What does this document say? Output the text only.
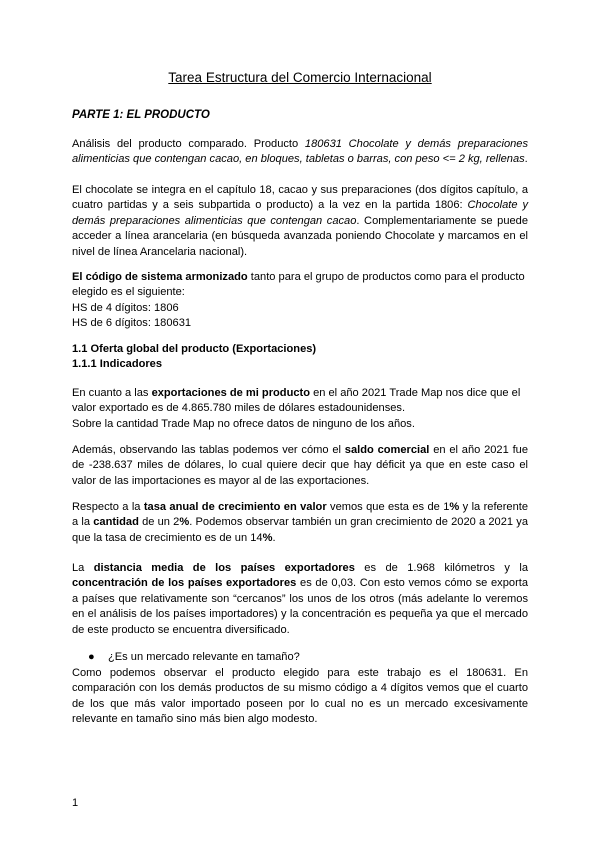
Tarea Estructura del Comercio Internacional
PARTE 1: EL PRODUCTO

Análisis del producto comparado. Producto 180631 Chocolate y demás preparaciones alimenticias que contengan cacao, en bloques, tabletas o barras, con peso <= 2 kg, rellenas.

El chocolate se integra en el capítulo 18, cacao y sus preparaciones (dos dígitos capítulo, a cuatro partidas y a seis subpartida o producto) a la vez en la partida 1806: Chocolate y demás preparaciones alimenticias que contengan cacao. Complementariamente se puede acceder a línea arancelaria (en búsqueda avanzada poniendo Chocolate y marcamos en el nivel de línea Arancelaria nacional).

El código de sistema armonizado tanto para el grupo de productos como para el producto elegido es el siguiente:

HS de 4 dígitos: 1806

HS de 6 dígitos: 180631

1.1 Oferta global del producto (Exportaciones)

1.1.1 Indicadores

En cuanto a las exportaciones de mi producto en el año 2021 Trade Map nos dice que el valor exportado es de 4.865.780 miles de dólares estadounidenses.

Sobre la cantidad Trade Map no ofrece datos de ninguno de los años.

Además, observando las tablas podemos ver cómo el saldo comercial en el año 2021 fue de -238.637 miles de dólares, lo cual quiere decir que hay déficit ya que en este caso el valor de las importaciones es mayor al de las exportaciones.

Respecto a la tasa anual de crecimiento en valor vemos que esta es de 1% y la referente a la cantidad de un 2%. Podemos observar también un gran crecimiento de 2020 a 2021 ya que la tasa de crecimiento es de un 14%.

La distancia media de los países exportadores es de 1.968 kilómetros y la concentración de los países exportadores es de 0,03. Con esto vemos cómo se exporta a países que relativamente son “cercanos” los unos de los otros (más adelante lo veremos en el análisis de los países importadores) y la concentración es pequeña ya que el mercado de este producto se encuentra diversificado.

● ¿Es un mercado relevante en tamaño?

Como podemos observar el producto elegido para este trabajo es el 180631. En comparación con los demás productos de su mismo código a 4 dígitos vemos que el cuarto de los que más valor importado poseen por lo cual no es un mercado excesivamente relevante en tamaño sino más bien algo modesto.

1
